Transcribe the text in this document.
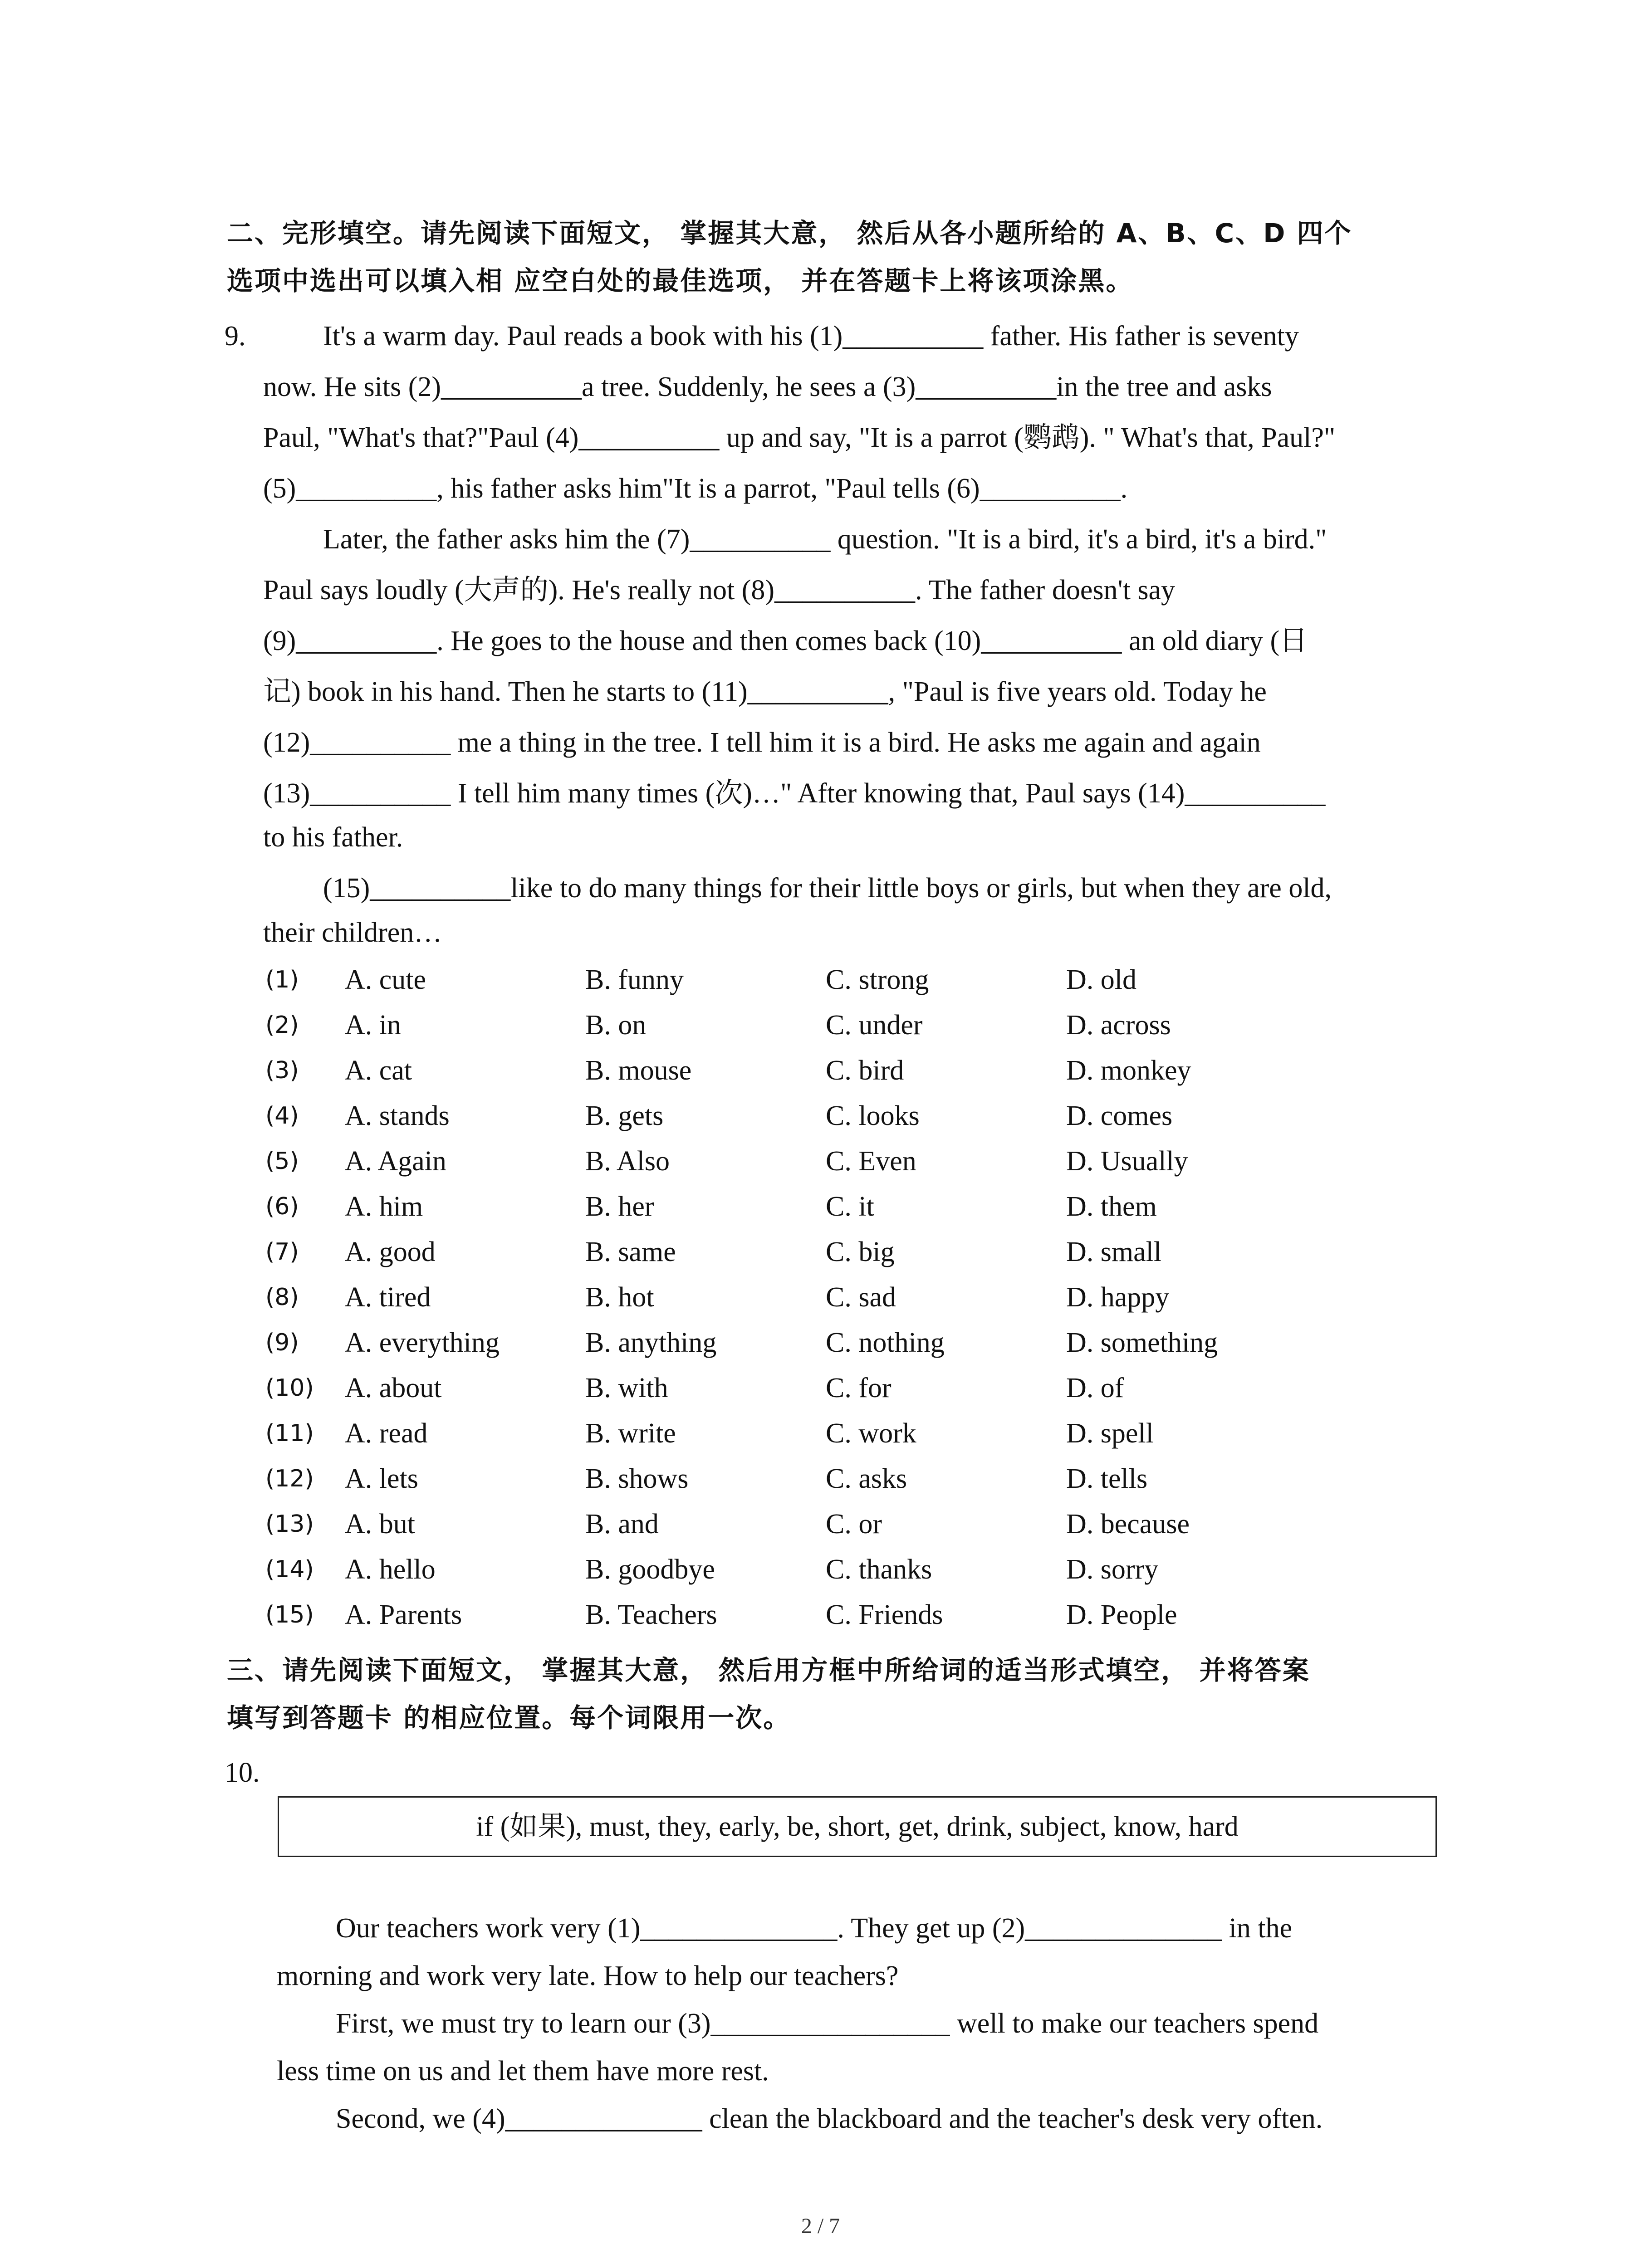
二、完形填空。请先阅读下面短文， 掌握其大意， 然后从各小题所给的 A、B、C、D 四个

选项中选出可以填入相 应空白处的最佳选项， 并在答题卡上将该项涂黑。

9.	It's a warm day. Paul reads a book with his (1)__________ father. His father is seventy

now. He sits (2)__________a tree. Suddenly, he sees a (3)__________in the tree and asks

Paul, "What's that?"Paul (4)__________ up and say, "It is a parrot (鹦鹉). " What's that, Paul?"

(5)__________, his father asks him"It is a parrot, "Paul tells (6)__________.

Later, the father asks him the (7)__________ question. "It is a bird, it's a bird, it's a bird."

Paul says loudly (大声的). He's really not (8)__________. The father doesn't say

(9)__________. He goes to the house and then comes back (10)__________ an old diary (日

记) book in his hand. Then he starts to (11)__________, "Paul is five years old. Today he

(12)__________ me a thing in the tree. I tell him it is a bird. He asks me again and again

(13)__________ I tell him many times (次)…" After knowing that, Paul says (14)__________

to his father.

(15)__________like to do many things for their little boys or girls, but when they are old,

their children…

(1) A. cute	B. funny	C. strong	D. old
(2) A. in	B. on	C. under	D. across
(3) A. cat	B. mouse	C. bird	D. monkey
(4) A. stands	B. gets	C. looks	D. comes
(5) A. Again	B. Also	C. Even	D. Usually
(6) A. him	B. her	C. it	D. them
(7) A. good	B. same	C. big	D. small
(8) A. tired	B. hot	C. sad	D. happy
(9) A. everything	B. anything	C. nothing	D. something
(10) A. about	B. with	C. for	D. of
(11) A. read	B. write	C. work	D. spell
(12) A. lets	B. shows	C. asks	D. tells
(13) A. but	B. and	C. or	D. because
(14) A. hello	B. goodbye	C. thanks	D. sorry
(15) A. Parents	B. Teachers	C. Friends	D. People

三、请先阅读下面短文， 掌握其大意， 然后用方框中所给词的适当形式填空， 并将答案

填写到答题卡 的相应位置。每个词限用一次。

10.
if (如果), must, they, early, be, short, get, drink, subject, know, hard

Our teachers work very (1)______________. They get up (2)______________ in the

morning and work very late. How to help our teachers?

First, we must try to learn our (3)_________________ well to make our teachers spend

less time on us and let them have more rest.

Second, we (4)______________ clean the blackboard and the teacher's desk very often.

2 / 7
